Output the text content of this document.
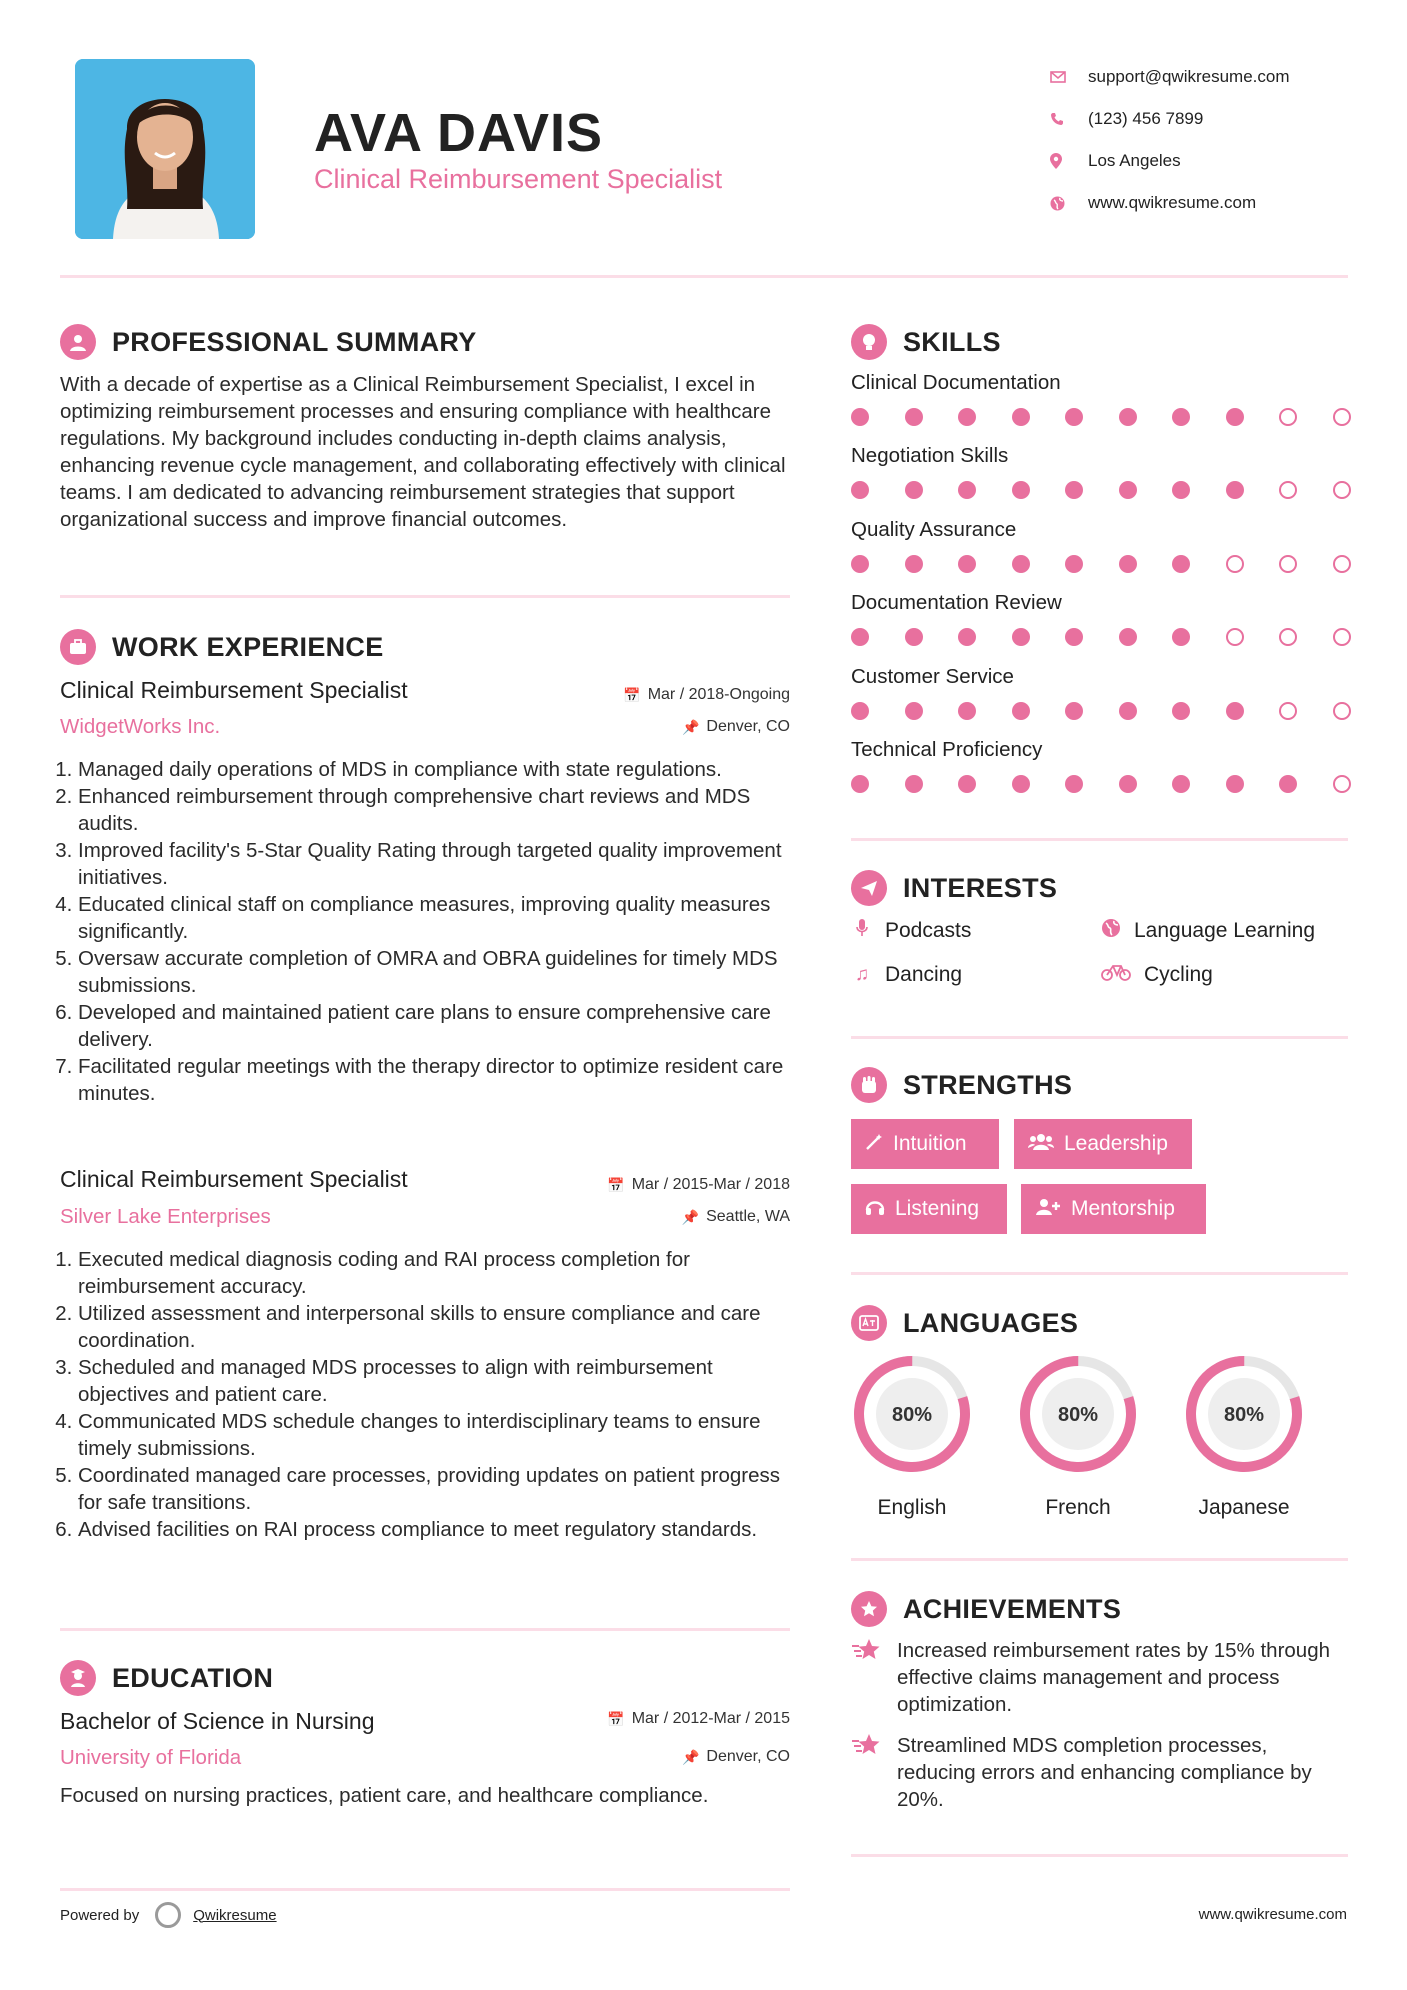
AVA DAVIS
Clinical Reimbursement Specialist
support@qwikresume.com
(123) 456 7899
Los Angeles
www.qwikresume.com
PROFESSIONAL SUMMARY
With a decade of expertise as a Clinical Reimbursement Specialist, I excel in optimizing reimbursement processes and ensuring compliance with healthcare regulations. My background includes conducting in-depth claims analysis, enhancing revenue cycle management, and collaborating effectively with clinical teams. I am dedicated to advancing reimbursement strategies that support organizational success and improve financial outcomes.
WORK EXPERIENCE
Clinical Reimbursement Specialist	📅 Mar / 2018-Ongoing
WidgetWorks Inc.	📌 Denver, CO
1. Managed daily operations of MDS in compliance with state regulations.
2. Enhanced reimbursement through comprehensive chart reviews and MDS audits.
3. Improved facility's 5-Star Quality Rating through targeted quality improvement initiatives.
4. Educated clinical staff on compliance measures, improving quality measures significantly.
5. Oversaw accurate completion of OMRA and OBRA guidelines for timely MDS submissions.
6. Developed and maintained patient care plans to ensure comprehensive care delivery.
7. Facilitated regular meetings with the therapy director to optimize resident care minutes.
Clinical Reimbursement Specialist	📅 Mar / 2015-Mar / 2018
Silver Lake Enterprises	📌 Seattle, WA
1. Executed medical diagnosis coding and RAI process completion for reimbursement accuracy.
2. Utilized assessment and interpersonal skills to ensure compliance and care coordination.
3. Scheduled and managed MDS processes to align with reimbursement objectives and patient care.
4. Communicated MDS schedule changes to interdisciplinary teams to ensure timely submissions.
5. Coordinated managed care processes, providing updates on patient progress for safe transitions.
6. Advised facilities on RAI process compliance to meet regulatory standards.
EDUCATION
Bachelor of Science in Nursing	📅 Mar / 2012-Mar / 2015
University of Florida	📌 Denver, CO
Focused on nursing practices, patient care, and healthcare compliance.
SKILLS
Clinical Documentation
Negotiation Skills
Quality Assurance
Documentation Review
Customer Service
Technical Proficiency
INTERESTS
Podcasts	Language Learning
♫ Dancing	Cycling
STRENGTHS
Intuition	Leadership
Listening	Mentorship
LANGUAGES
80%
English
80%
French
80%
Japanese
ACHIEVEMENTS
Increased reimbursement rates by 15% through effective claims management and process optimization.
Streamlined MDS completion processes, reducing errors and enhancing compliance by 20%.
Powered by	Qwikresume	www.qwikresume.com
